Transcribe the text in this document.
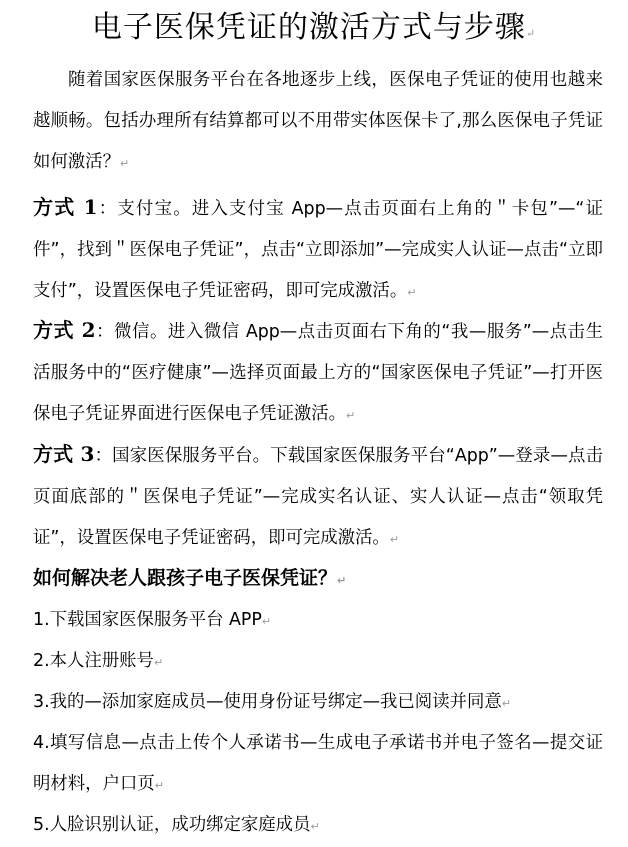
电子医保凭证的激活方式与步骤↵
随着国家医保服务平台在各地逐步上线，医保电子凭证的使用也越来越顺畅。包括办理所有结算都可以不用带实体医保卡了,那么医保电子凭证如何激活？↵
方式 1：支付宝。进入支付宝 App—点击页面右上角的＂卡包”—“证件”，找到＂医保电子凭证”，点击“立即添加”—完成实人认证—点击“立即支付”，设置医保电子凭证密码，即可完成激活。↵
方式 2：微信。进入微信 App—点击页面右下角的“我—服务”—点击生活服务中的“医疗健康”—选择页面最上方的“国家医保电子凭证”—打开医保电子凭证界面进行医保电子凭证激活。↵
方式 3：国家医保服务平台。下载国家医保服务平台“App”—登录—点击页面底部的＂医保电子凭证”—完成实名认证、实人认证—点击“领取凭证”，设置医保电子凭证密码，即可完成激活。↵
如何解决老人跟孩子电子医保凭证？↵
1.下载国家医保服务平台 APP↵
2.本人注册账号↵
3.我的—添加家庭成员—使用身份证号绑定—我已阅读并同意↵
4.填写信息—点击上传个人承诺书—生成电子承诺书并电子签名—提交证明材料，户口页↵
5.人脸识别认证，成功绑定家庭成员↵
